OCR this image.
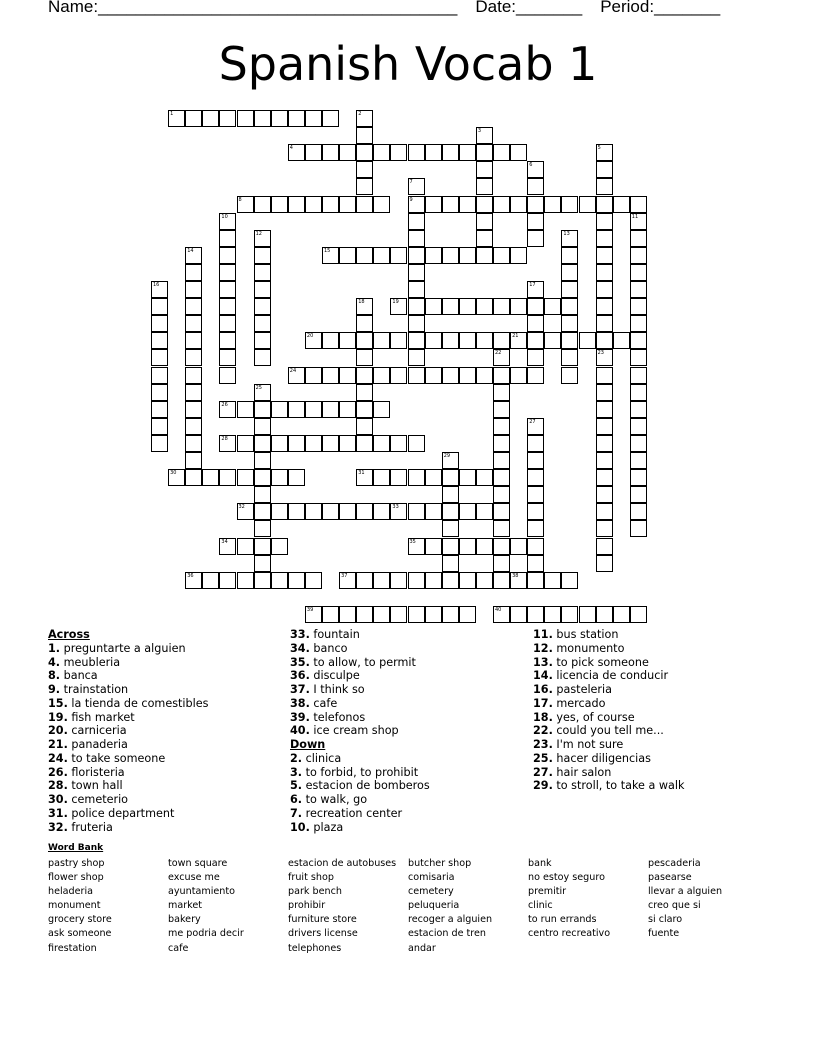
Name:______________________________________ Date:_______ Period:_______
Spanish Vocab 1
1
4
8	9
15
19
20	21
24
26
28
30	31
32	33
34	35
36	37	38
39	40
2
3
5
6
7
10	11
12	13
14
16	17
18
22	23
25
27
29
Across
1. preguntarte a alguien
4. meubleria
8. banca
9. trainstation
15. la tienda de comestibles
19. fish market
20. carniceria
21. panaderia
24. to take someone
26. floristeria
28. town hall
30. cemeterio
31. police department
32. fruteria
33. fountain
34. banco
35. to allow, to permit
36. disculpe
37. I think so
38. cafe
39. telefonos
40. ice cream shop
Down
2. clinica
3. to forbid, to prohibit
5. estacion de bomberos
6. to walk, go
7. recreation center
10. plaza
11. bus station
12. monumento
13. to pick someone
14. licencia de conducir
16. pasteleria
17. mercado
18. yes, of course
22. could you tell me...
23. I'm not sure
25. hacer diligencias
27. hair salon
29. to stroll, to take a walk
Word Bank
pastry shop
flower shop
heladeria
monument
grocery store
ask someone
firestation
town square
excuse me
ayuntamiento
market
bakery
me podria decir
cafe
estacion de autobuses
fruit shop
park bench
prohibir
furniture store
drivers license
telephones
butcher shop
comisaria
cemetery
peluqueria
recoger a alguien
estacion de tren
andar
bank
no estoy seguro
premitir
clinic
to run errands
centro recreativo
pescaderia
pasearse
llevar a alguien
creo que si
si claro
fuente
